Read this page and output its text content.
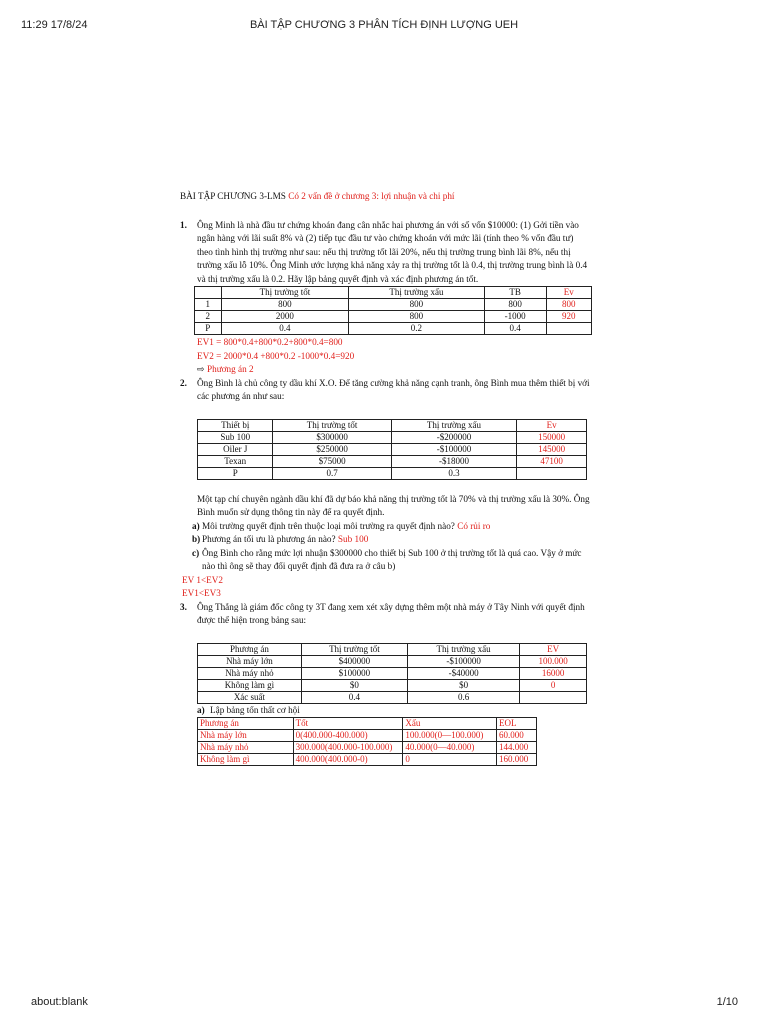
11:29 17/8/24	BÀI TẬP CHƯƠNG 3 PHÂN TÍCH ĐỊNH LƯỢNG UEH
BÀI TẬP CHƯƠNG 3-LMS Có 2 vấn đề ở chương 3: lợi nhuận và chi phí
1. Ông Minh là nhà đầu tư chứng khoán đang cân nhắc hai phương án với số vốn $10000: (1) Gởi tiền vào ngân hàng với lãi suất 8% và (2) tiếp tục đầu tư vào chứng khoán với mức lãi (tính theo % vốn đầu tư) theo tình hình thị trường như sau: nếu thị trường tốt lãi 20%, nếu thị trường trung bình lãi 8%, nếu thị trường xấu lỗ 10%. Ông Minh ước lượng khả năng xảy ra thị trường tốt là 0.4, thị trường trung bình là 0.4 và thị trường xấu là 0.2. Hãy lập bảng quyết định và xác định phương án tốt.
	Thị trường tốt	Thị trường xấu	TB	Ev
1	800	800	800	800
2	2000	800	-1000	920
P	0.4	0.2	0.4	
EV1 = 800*0.4+800*0.2+800*0.4=800
EV2 = 2000*0.4 +800*0.2 -1000*0.4=920
⇨ Phương án 2
2. Ông Bình là chủ công ty dầu khí X.O. Để tăng cường khả năng cạnh tranh, ông Bình mua thêm thiết bị với các phương án như sau:
Thiết bị	Thị trường tốt	Thị trường xấu	Ev
Sub 100	$300000	-$200000	150000
Oiler J	$250000	-$100000	145000
Texan	$75000	-$18000	47100
P	0.7	0.3	
Một tạp chí chuyên ngành dầu khí đã dự báo khả năng thị trường tốt là 70% và thị trường xấu là 30%. Ông Bình muốn sử dụng thông tin này để ra quyết định.
a) Môi trường quyết định trên thuộc loại môi trường ra quyết định nào? Có rủi ro
b) Phương án tối ưu là phương án nào? Sub 100
c) Ông Bình cho rằng mức lợi nhuận $300000 cho thiết bị Sub 100 ở thị trường tốt là quá cao. Vậy ở mức nào thì ông sẽ thay đổi quyết định đã đưa ra ở câu b)
EV 1<EV2
EV1<EV3
3. Ông Thắng là giám đốc công ty 3T đang xem xét xây dựng thêm một nhà máy ở Tây Ninh với quyết định được thể hiện trong bảng sau:
Phương án	Thị trường tốt	Thị trường xấu	EV
Nhà máy lớn	$400000	-$100000	100.000
Nhà máy nhỏ	$100000	-$40000	16000
Không làm gì	$0	$0	0
Xác suất	0.4	0.6	
a) Lập bảng tổn thất cơ hội
Phương án	Tốt	Xấu	EOL
Nhà máy lớn	0(400.000-400.000)	100.000(0—100.000)	60.000
Nhà máy nhỏ	300.000(400.000-100.000)	40.000(0—40.000)	144.000
Không làm gì	400.000(400.000-0)	0	160.000
about:blank	1/10
